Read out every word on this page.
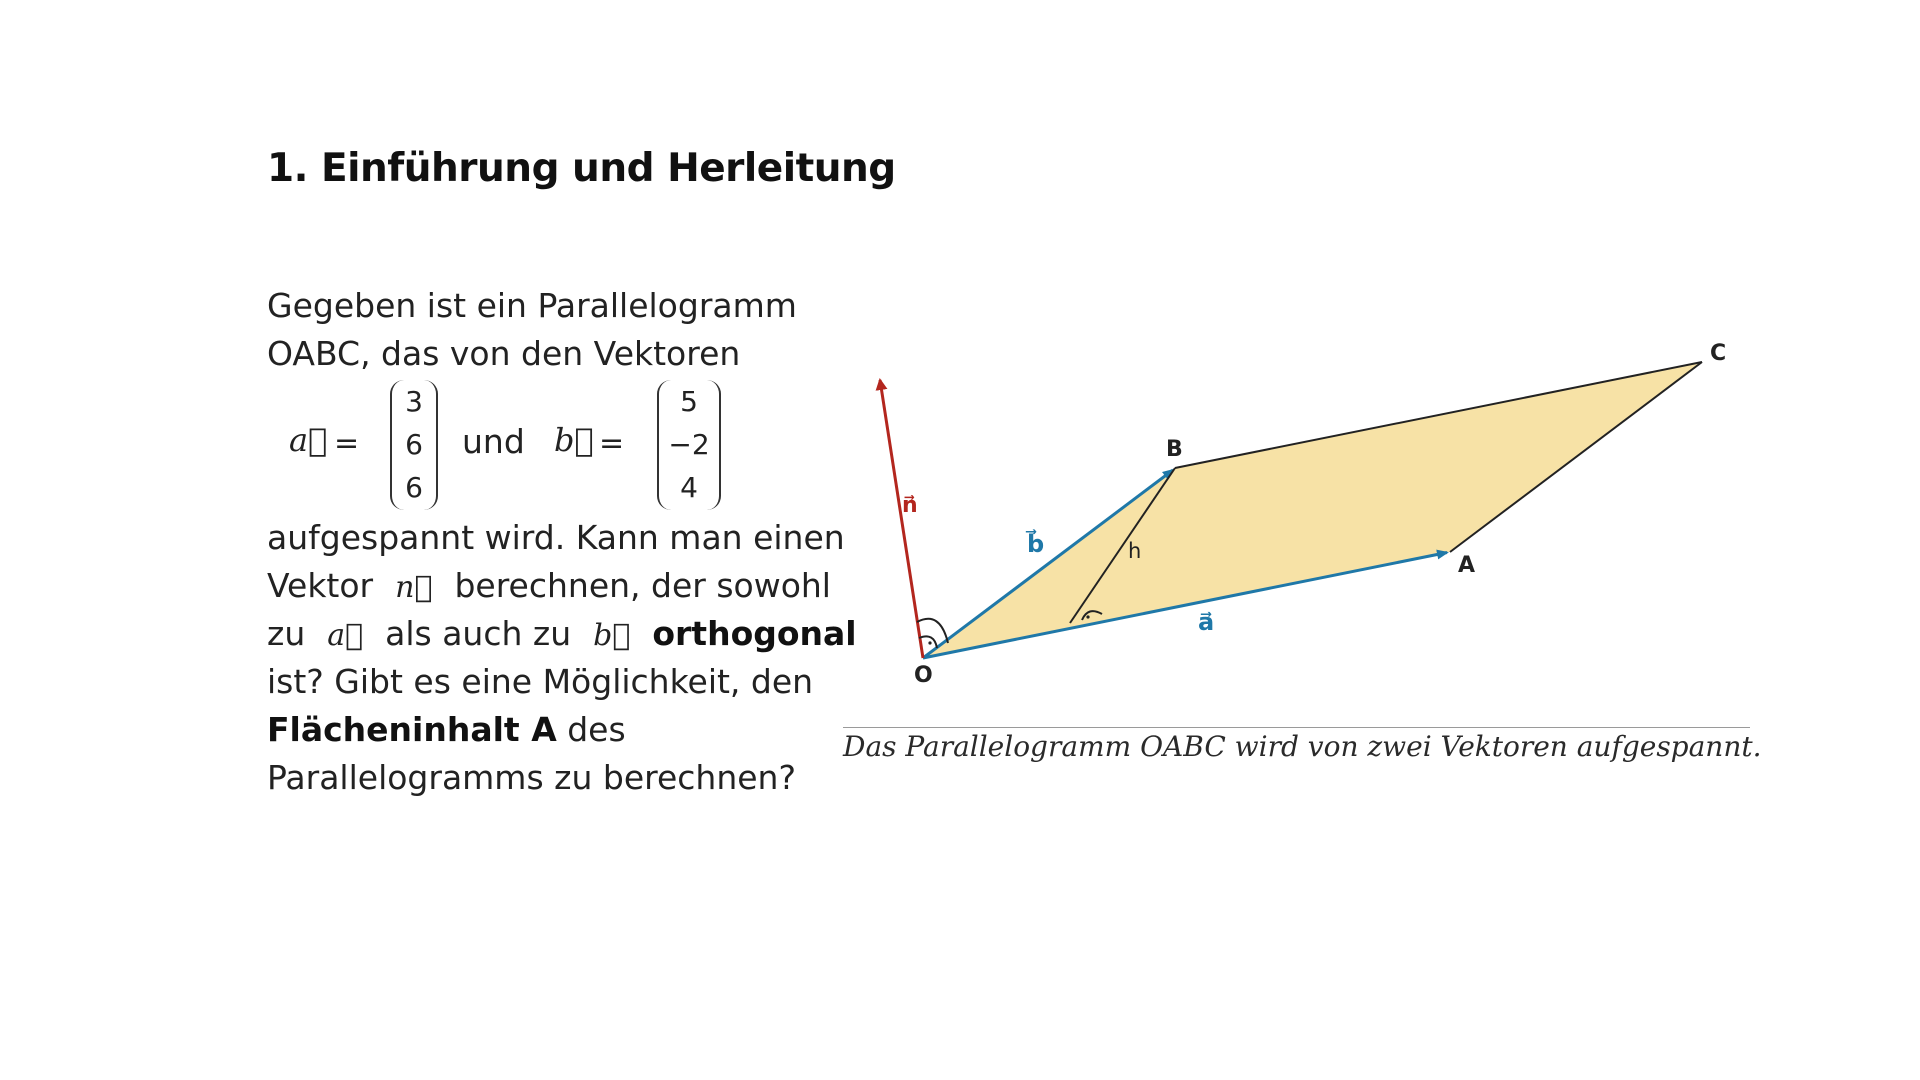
1. Einführung und Herleitung
Gegeben ist ein Parallelogramm
OABC, das von den Vektoren
a⃗ =
3
6
6
und b⃗ =
5
−2
4
aufgespannt wird. Kann man einen
Vektor n⃗ berechnen, der sowohl
zu a⃗ als auch zu b⃗ orthogonal
ist? Gibt es eine Möglichkeit, den
Flächeninhalt A des
Parallelogramms zu berechnen?
O
A
B
C
h
a⃗
b⃗
n⃗
Das Parallelogramm OABC wird von zwei Vektoren aufgespannt.
